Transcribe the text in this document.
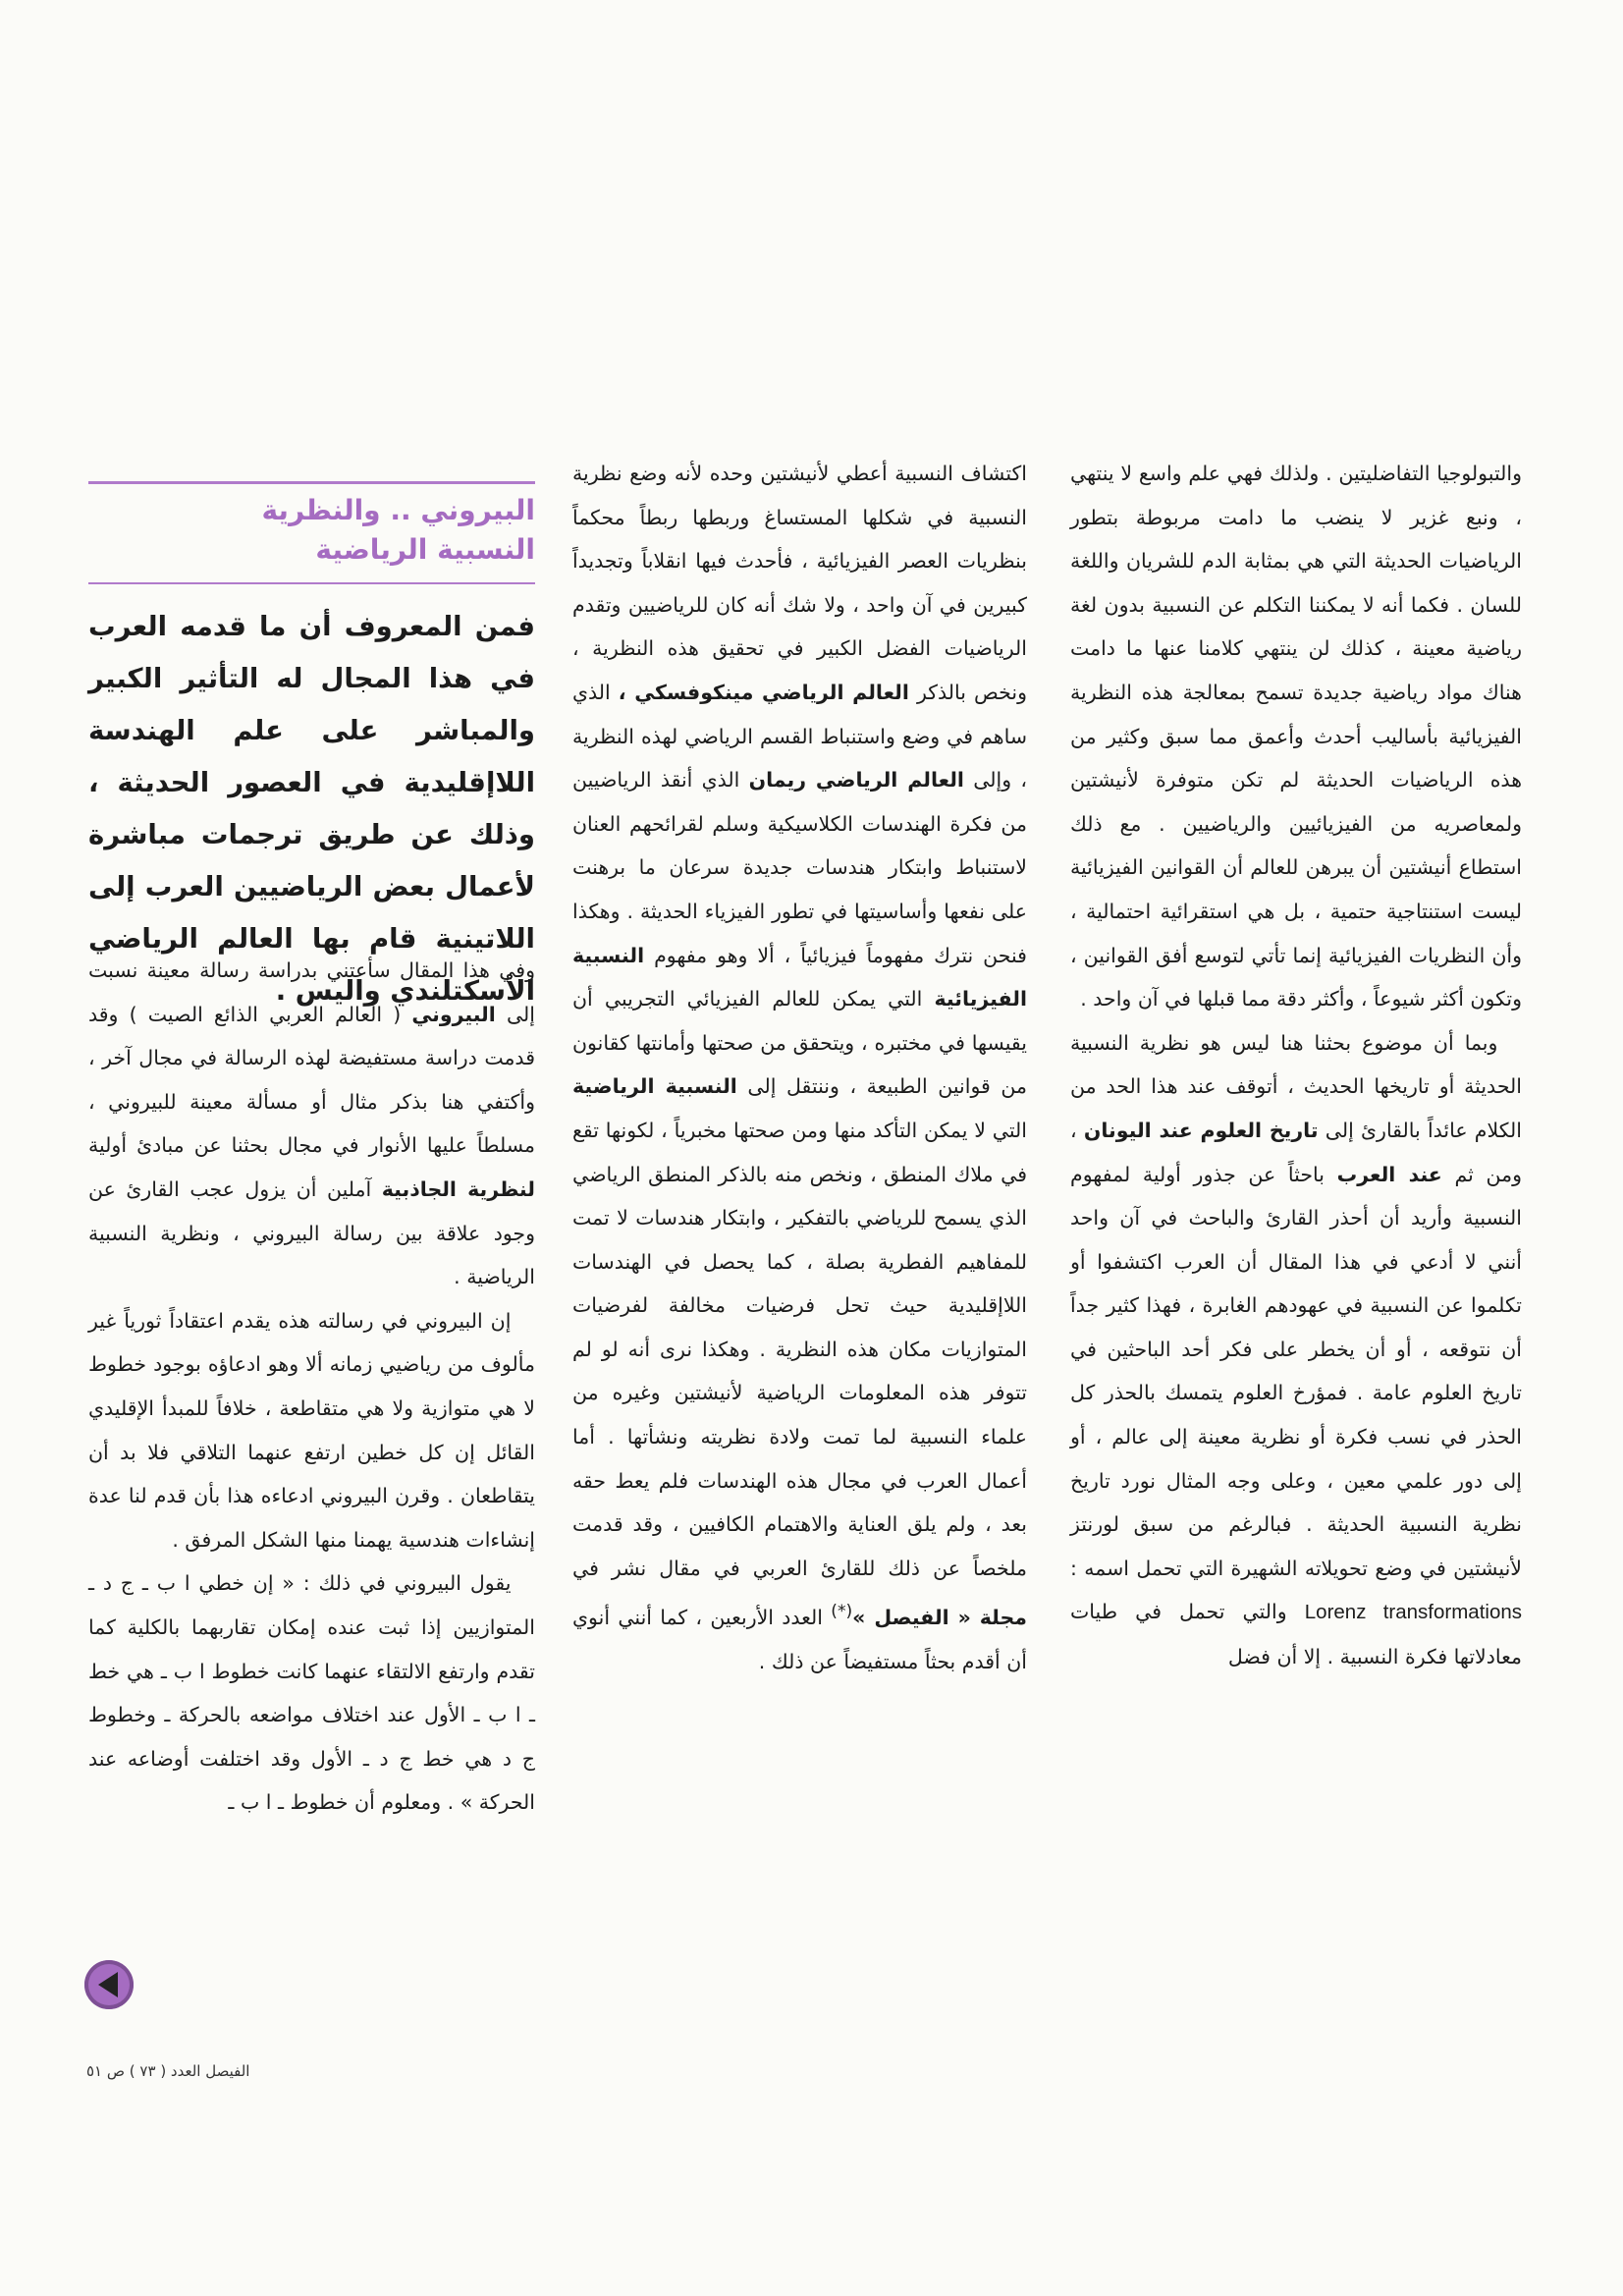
والتبولوجيا التفاضليتين . ولذلك فهي علم واسع لا ينتهي ، ونبع غزير لا ينضب ما دامت مربوطة بتطور الرياضيات الحديثة التي هي بمثابة الدم للشريان واللغة للسان . فكما أنه لا يمكننا التكلم عن النسبية بدون لغة رياضية معينة ، كذلك لن ينتهي كلامنا عنها ما دامت هناك مواد رياضية جديدة تسمح بمعالجة هذه النظرية الفيزيائية بأساليب أحدث وأعمق مما سبق وكثير من هذه الرياضيات الحديثة لم تكن متوفرة لأنيشتين ولمعاصريه من الفيزيائيين والرياضيين . مع ذلك استطاع أنيشتين أن يبرهن للعالم أن القوانين الفيزيائية ليست استنتاجية حتمية ، بل هي استقرائية احتمالية ، وأن النظريات الفيزيائية إنما تأتي لتوسع أفق القوانين ، وتكون أكثر شيوعاً ، وأكثر دقة مما قبلها في آن واحد .

وبما أن موضوع بحثنا هنا ليس هو نظرية النسبية الحديثة أو تاريخها الحديث ، أتوقف عند هذا الحد من الكلام عائداً بالقارئ إلى تاريخ العلوم عند اليونان ، ومن ثم عند العرب باحثاً عن جذور أولية لمفهوم النسبية وأريد أن أحذر القارئ والباحث في آن واحد أنني لا أدعي في هذا المقال أن العرب اكتشفوا أو تكلموا عن النسبية في عهودهم الغابرة ، فهذا كثير جداً أن نتوقعه ، أو أن يخطر على فكر أحد الباحثين في تاريخ العلوم عامة . فمؤرخ العلوم يتمسك بالحذر كل الحذر في نسب فكرة أو نظرية معينة إلى عالم ، أو إلى دور علمي معين ، وعلى وجه المثال نورد تاريخ نظرية النسبية الحديثة . فبالرغم من سبق لورنتز لأنيشتين في وضع تحويلاته الشهيرة التي تحمل اسمه : Lorenz transformations والتي تحمل في طيات معادلاتها فكرة النسبية . إلا أن فضل

اكتشاف النسبية أعطي لأنيشتين وحده لأنه وضع نظرية النسبية في شكلها المستساغ وربطها ربطاً محكماً بنظريات العصر الفيزيائية ، فأحدث فيها انقلاباً وتجديداً كبيرين في آن واحد ، ولا شك أنه كان للرياضيين وتقدم الرياضيات الفضل الكبير في تحقيق هذه النظرية ، ونخص بالذكر العالم الرياضي مينكوفسكي ، الذي ساهم في وضع واستنباط القسم الرياضي لهذه النظرية ، وإلى العالم الرياضي ريمان الذي أنقذ الرياضيين من فكرة الهندسات الكلاسيكية وسلم لقرائحهم العنان لاستنباط وابتكار هندسات جديدة سرعان ما برهنت على نفعها وأساسيتها في تطور الفيزياء الحديثة . وهكذا فنحن نترك مفهوماً فيزيائياً ، ألا وهو مفهوم النسبية الفيزيائية التي يمكن للعالم الفيزيائي التجريبي أن يقيسها في مختبره ، ويتحقق من صحتها وأمانتها كقانون من قوانين الطبيعة ، وننتقل إلى النسبية الرياضية التي لا يمكن التأكد منها ومن صحتها مخبرياً ، لكونها تقع في ملاك المنطق ، ونخص منه بالذكر المنطق الرياضي الذي يسمح للرياضي بالتفكير ، وابتكار هندسات لا تمت للمفاهيم الفطرية بصلة ، كما يحصل في الهندسات اللاإقليدية حيث تحل فرضيات مخالفة لفرضيات المتوازيات مكان هذه النظرية . وهكذا نرى أنه لو لم تتوفر هذه المعلومات الرياضية لأنيشتين وغيره من علماء النسبية لما تمت ولادة نظريته ونشأتها . أما أعمال العرب في مجال هذه الهندسات فلم يعط حقه بعد ، ولم يلق العناية والاهتمام الكافيين ، وقد قدمت ملخصاً عن ذلك للقارئ العربي في مقال نشر في مجلة « الفيصل »(*) العدد الأربعين ، كما أنني أنوي أن أقدم بحثاً مستفيضاً عن ذلك .

البيروني .. والنظرية
النسبية الرياضية
فمن المعروف أن ما قدمه العرب في هذا المجال له التأثير الكبير والمباشر على علم الهندسة اللاإقليدية في العصور الحديثة ، وذلك عن طريق ترجمات مباشرة لأعمال بعض الرياضيين العرب إلى اللاتينية قام بها العالم الرياضي الأسكتلندي واليس .

وفي هذا المقال سأعتني بدراسة رسالة معينة نسبت إلى البيروني ( العالم العربي الذائع الصيت ) وقد قدمت دراسة مستفيضة لهذه الرسالة في مجال آخر ، وأكتفي هنا بذكر مثال أو مسألة معينة للبيروني ، مسلطاً عليها الأنوار في مجال بحثنا عن مبادئ أولية لنظرية الجاذبية آملين أن يزول عجب القارئ عن وجود علاقة بين رسالة البيروني ، ونظرية النسبية الرياضية .

إن البيروني في رسالته هذه يقدم اعتقاداً ثورياً غير مألوف من رياضيي زمانه ألا وهو ادعاؤه بوجود خطوط لا هي متوازية ولا هي متقاطعة ، خلافاً للمبدأ الإقليدي القائل إن كل خطين ارتفع عنهما التلاقي فلا بد أن يتقاطعان . وقرن البيروني ادعاءه هذا بأن قدم لنا عدة إنشاءات هندسية يهمنا منها الشكل المرفق .

يقول البيروني في ذلك : « إن خطي ا ب ـ ج د ـ المتوازيين إذا ثبت عنده إمكان تقاربهما بالكلية كما تقدم وارتفع الالتقاء عنهما كانت خطوط ا ب ـ هي خط ـ ا ب ـ الأول عند اختلاف مواضعه بالحركة ـ وخطوط ج د هي خط ج د ـ الأول وقد اختلفت أوضاعه عند الحركة » . ومعلوم أن خطوط ـ ا ب ـ

الفيصل العدد ( ٧٣ ) ص ٥١
